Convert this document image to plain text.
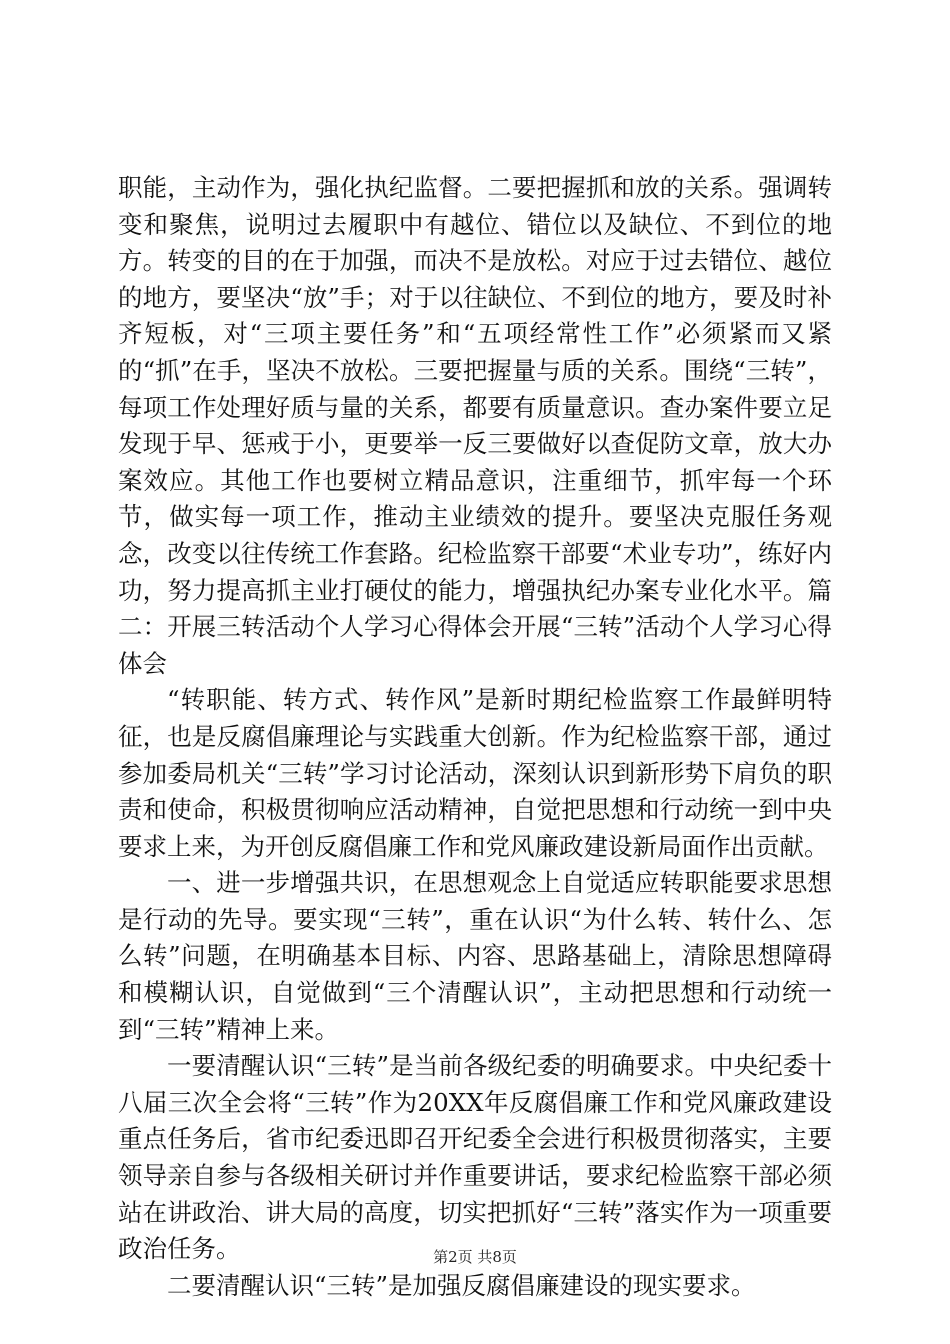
职能，主动作为，强化执纪监督。二要把握抓和放的关系。强调转变和聚焦，说明过去履职中有越位、错位以及缺位、不到位的地方。转变的目的在于加强，而决不是放松。对应于过去错位、越位的地方，要坚决“放”手；对于以往缺位、不到位的地方，要及时补齐短板，对“三项主要任务”和“五项经常性工作”必须紧而又紧的“抓”在手，坚决不放松。三要把握量与质的关系。围绕“三转”，每项工作处理好质与量的关系，都要有质量意识。查办案件要立足发现于早、惩戒于小，更要举一反三要做好以查促防文章，放大办案效应。其他工作也要树立精品意识，注重细节，抓牢每一个环节，做实每一项工作，推动主业绩效的提升。要坚决克服任务观念，改变以往传统工作套路。纪检监察干部要“术业专功”，练好内功，努力提高抓主业打硬仗的能力，增强执纪办案专业化水平。篇二：开展三转活动个人学习心得体会开展“三转”活动个人学习心得体会

“转职能、转方式、转作风”是新时期纪检监察工作最鲜明特征，也是反腐倡廉理论与实践重大创新。作为纪检监察干部，通过参加委局机关“三转”学习讨论活动，深刻认识到新形势下肩负的职责和使命，积极贯彻响应活动精神，自觉把思想和行动统一到中央要求上来，为开创反腐倡廉工作和党风廉政建设新局面作出贡献。

一、进一步增强共识，在思想观念上自觉适应转职能要求思想是行动的先导。要实现“三转”，重在认识“为什么转、转什么、怎么转”问题，在明确基本目标、内容、思路基础上，清除思想障碍和模糊认识，自觉做到“三个清醒认识”，主动把思想和行动统一到“三转”精神上来。

一要清醒认识“三转”是当前各级纪委的明确要求。中央纪委十八届三次全会将“三转”作为20XX年反腐倡廉工作和党风廉政建设重点任务后，省市纪委迅即召开纪委全会进行积极贯彻落实，主要领导亲自参与各级相关研讨并作重要讲话，要求纪检监察干部必须站在讲政治、讲大局的高度，切实把抓好“三转”落实作为一项重要政治任务。

二要清醒认识“三转”是加强反腐倡廉建设的现实要求。

第2页 共8页
